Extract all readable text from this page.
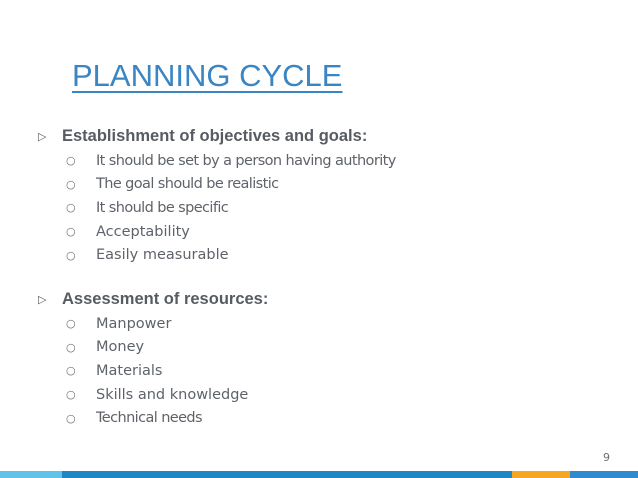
PLANNING CYCLE
▷ Establishment of objectives and goals:
○	It should be set by a person having authority
○	The goal should be realistic
○	It should be specific
○	Acceptability
○	Easily measurable
▷ Assessment of resources:
○	Manpower
○	Money
○	Materials
○	Skills and knowledge
○	Technical needs
9
